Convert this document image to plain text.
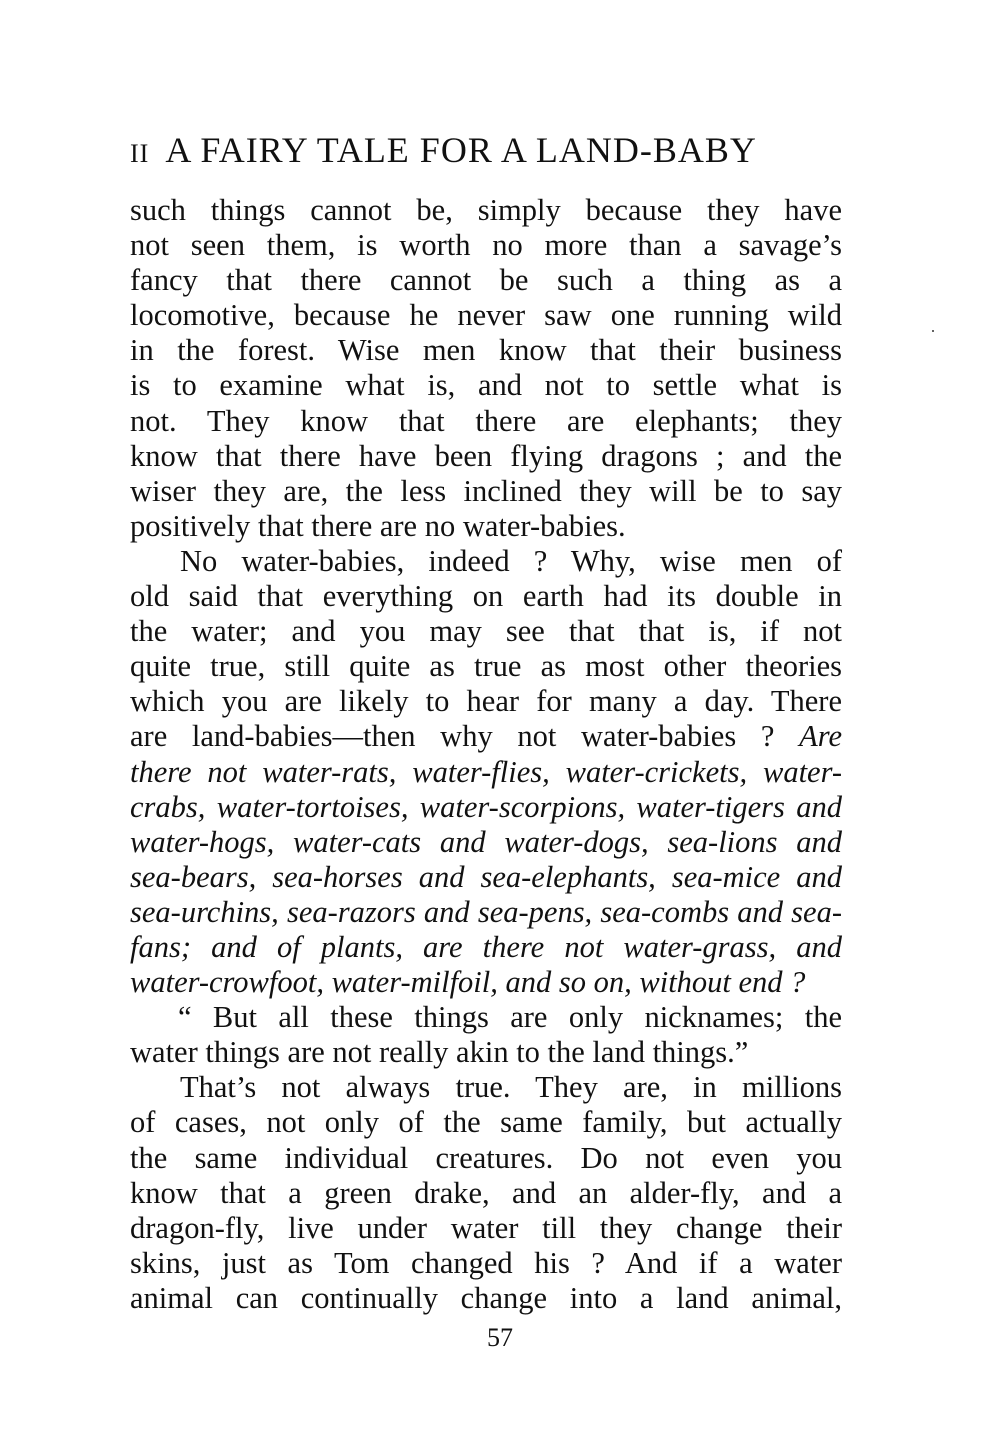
II A FAIRY TALE FOR A LAND-BABY
such things cannot be, simply because they have
not seen them, is worth no more than a savage’s
fancy that there cannot be such a thing as a
locomotive, because he never saw one running wild
in the forest. Wise men know that their business
is to examine what is, and not to settle what is
not. They know that there are elephants; they
know that there have been flying dragons ; and the
wiser they are, the less inclined they will be to say
positively that there are no water-babies.
No water-babies, indeed ? Why, wise men of
old said that everything on earth had its double in
the water; and you may see that that is, if not
quite true, still quite as true as most other theories
which you are likely to hear for many a day. There
are land-babies—then why not water-babies ? Are
there not water-rats, water-flies, water-crickets, water-
crabs, water-tortoises, water-scorpions, water-tigers and
water-hogs, water-cats and water-dogs, sea-lions and
sea-bears, sea-horses and sea-elephants, sea-mice and
sea-urchins, sea-razors and sea-pens, sea-combs and sea-
fans; and of plants, are there not water-grass, and
water-crowfoot, water-milfoil, and so on, without end ?
“ But all these things are only nicknames; the
water things are not really akin to the land things.”
That’s not always true. They are, in millions
of cases, not only of the same family, but actually
the same individual creatures. Do not even you
know that a green drake, and an alder-fly, and a
dragon-fly, live under water till they change their
skins, just as Tom changed his ? And if a water
animal can continually change into a land animal,
57
